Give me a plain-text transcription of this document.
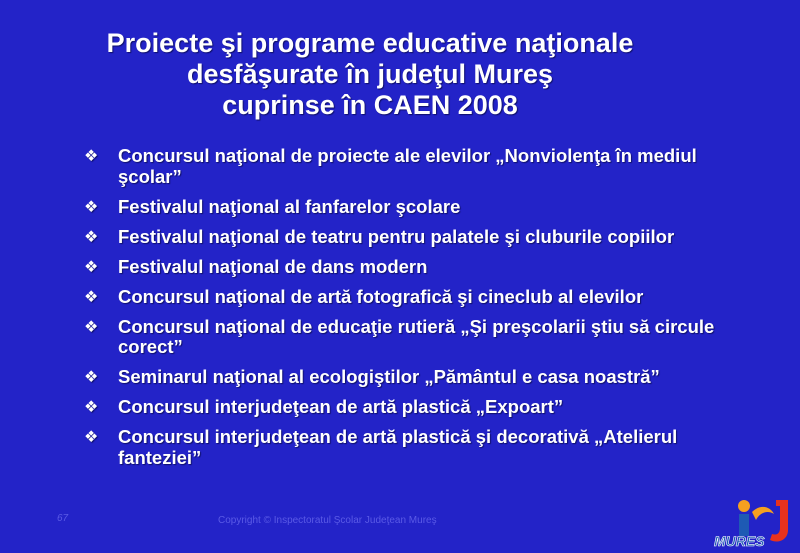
Proiecte şi programe educative naţionale
desfăşurate în judeţul Mureş
cuprinse în CAEN 2008
❖ Concursul naţional de proiecte ale elevilor „Nonviolenţa în mediul şcolar”
❖ Festivalul naţional al fanfarelor şcolare
❖ Festivalul naţional de teatru pentru palatele şi cluburile copiilor
❖ Festivalul naţional de dans modern
❖ Concursul naţional de artă fotografică şi cineclub al elevilor
❖ Concursul naţional de educaţie rutieră „Şi preşcolarii ştiu să circule corect”
❖ Seminarul naţional al ecologiştilor „Pământul e casa noastră”
❖ Concursul interjudeţean de artă plastică „Expoart”
❖ Concursul interjudeţean de artă plastică şi decorativă „Atelierul fanteziei”
67	Copyright © Inspectoratul Şcolar Judeţean Mureş
MURES
